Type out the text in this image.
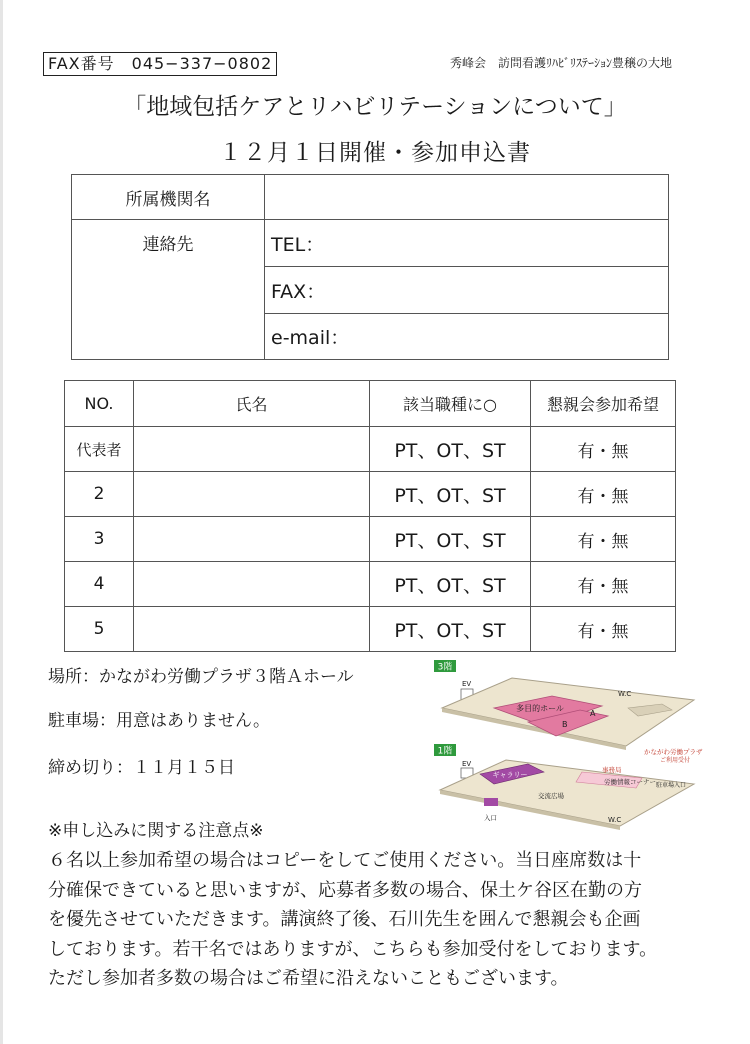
FAX番号　045−337−0802	秀峰会　訪問看護ﾘﾊﾋﾞﾘｽﾃｰｼｮﾝ豊穣の大地
「地域包括ケアとリハビリテーションについて」
１２月１日開催・参加申込書
所属機関名	
連絡先	TEL：
	FAX：
	e-mail：
NO.	氏名	該当職種に○	懇親会参加希望
代表者		PT、OT、ST	有・無
2		PT、OT、ST	有・無
3		PT、OT、ST	有・無
4		PT、OT、ST	有・無
5		PT、OT、ST	有・無
場所：かながわ労働プラザ３階Ａホール
駐車場：用意はありません。
締め切り：１１月１５日
3階
EV
多目的ホール
A
B
W.C
1階
EV
ギャラリー
事務局
労働情報コーナー
かながわ労働プラザ
ご利用受付
駐車場入口
交流広場
入口	W.C
※申し込みに関する注意点※
６名以上参加希望の場合はコピーをしてご使用ください。当日座席数は十
分確保できていると思いますが、応募者多数の場合、保土ケ谷区在勤の方
を優先させていただきます。講演終了後、石川先生を囲んで懇親会も企画
しております。若干名ではありますが、こちらも参加受付をしております。
ただし参加者多数の場合はご希望に沿えないこともございます。
